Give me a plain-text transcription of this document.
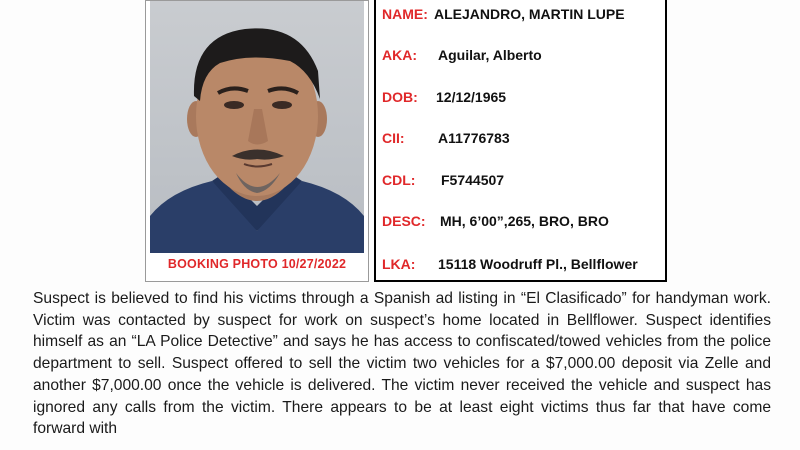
BOOKING PHOTO 10/27/2022
NAME: ALEJANDRO, MARTIN LUPE
AKA: Aguilar, Alberto
DOB: 12/12/1965
CII: A11776783
CDL: F5744507
DESC: MH, 6’00”,265, BRO, BRO
LKA: 15118 Woodruff Pl., Bellflower
Suspect is believed to find his victims through a Spanish ad listing in “El Clasificado” for handyman work. Victim was contacted by suspect for work on suspect’s home located in Bellflower. Suspect identifies himself as an “LA Police Detective” and says he has access to confiscated/towed vehicles from the police department to sell. Suspect offered to sell the victim two vehicles for a $7,000.00 deposit via Zelle and another $7,000.00 once the vehicle is delivered. The victim never received the vehicle and suspect has ignored any calls from the victim. There appears to be at least eight victims thus far that have come forward with
